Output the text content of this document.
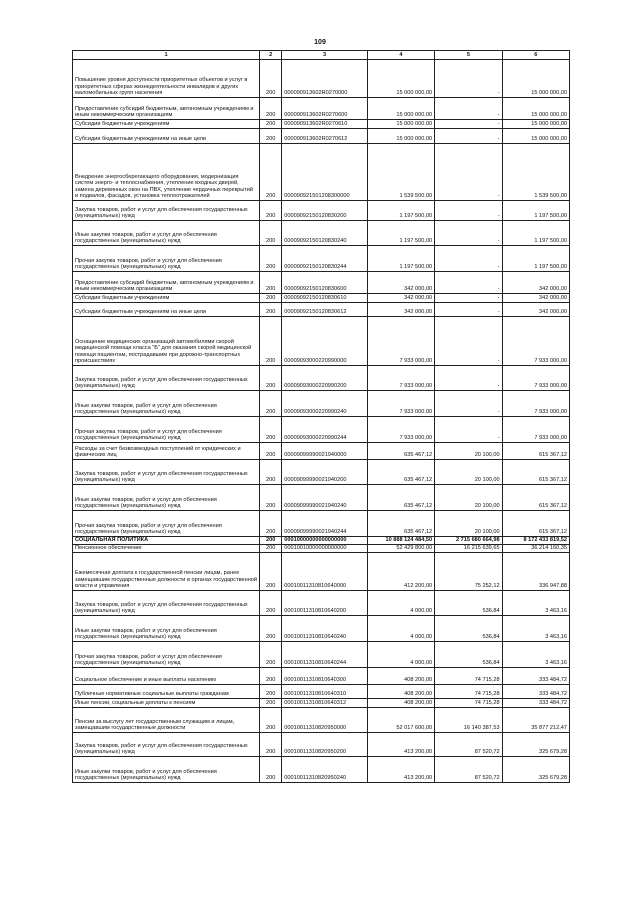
109
1	2	3	4	5	6
Повышение уровня доступности приоритетных объектов и услуг в приоритетных сферах жизнедеятельности инвалидов и других маломобильных групп населения	200	000090913602R0270000	15 000 000,00	-	15 000 000,00
Предоставление субсидий бюджетным, автономным учреждениям и иным некоммерческим организациям	200	000090913602R0270600	15 000 000,00	-	15 000 000,00
Субсидии бюджетным учреждениям	200	000090913602R0270610	15 000 000,00	-	15 000 000,00
Субсидии бюджетным учреждениям на иные цели	200	000090913602R0270612	15 000 000,00	-	15 000 000,00
Внедрение энергосберегающего оборудования, модернизация систем энерго- и теплоснабжения, утепление входных дверей, замена деревянных окон на ПВХ, утепление чердачных перекрытий и подвалов, фасадов, установка теплоотражателей	200	000090921501208300000	1 539 500,00	-	1 539 500,00
Закупка товаров, работ и услуг для обеспечения государственных (муниципальных) нужд	200	00009092150120830200	1 197 500,00	-	1 197 500,00
Иные закупки товаров, работ и услуг для обеспечения государственных (муниципальных) нужд	200	00009092150120830240	1 197 500,00	-	1 197 500,00
Прочая закупка товаров, работ и услуг для обеспечения государственных (муниципальных) нужд	200	00009092150120830244	1 197 500,00	-	1 197 500,00
Предоставление субсидий бюджетным, автономным учреждениям и иным некоммерческим организациям	200	00009092150120830600	342 000,00	-	342 000,00
Субсидии бюджетным учреждениям	200	00009092150120830610	342 000,00	-	342 000,00
Субсидии бюджетным учреждениям на иные цели	200	00009092150120830612	342 000,00	-	342 000,00
Оснащение медицинских организаций автомобилями скорой медицинской помощи класса "Б" для оказания скорой медицинской помощи пациентам, пострадавшим при дорожно-транспортных происшествиях	200	00009093000220990000	7 933 000,00	-	7 933 000,00
Закупка товаров, работ и услуг для обеспечения государственных (муниципальных) нужд	200	00009093000220990200	7 933 000,00	-	7 933 000,00
Иные закупки товаров, работ и услуг для обеспечения государственных (муниципальных) нужд	200	00009093000220990240	7 933 000,00	-	7 933 000,00
Прочая закупка товаров, работ и услуг для обеспечения государственных (муниципальных) нужд	200	00009093000220990244	7 933 000,00	-	7 933 000,00
Расходы за счет безвозмездных поступлений от юридических и физических лиц	200	00009099990021940000	635 467,12	20 100,00	615 367,12
Закупка товаров, работ и услуг для обеспечения государственных (муниципальных) нужд	200	00009099990021940200	635 467,12	20 100,00	615 367,12
Иные закупки товаров, работ и услуг для обеспечения государственных (муниципальных) нужд	200	00009099990021940240	635 467,12	20 100,00	615 367,12
Прочая закупка товаров, работ и услуг для обеспечения государственных (муниципальных) нужд	200	00009099990021940244	635 467,12	20 100,00	615 367,12
СОЦИАЛЬНАЯ ПОЛИТИКА	200	00010000000000000000	10 888 124 484,50	2 715 680 664,98	8 172 433 819,52
Пенсионное обеспечение	200	00010010000000000000	52 429 800,00	16 215 639,65	36 214 160,35
Ежемесячная доплата к государственной пенсии лицам, ранее замещавшим государственные должности в органах государственной власти и управления	200	00010011310810640000	412 200,00	75 252,12	336 947,88
Закупка товаров, работ и услуг для обеспечения государственных (муниципальных) нужд	200	00010011310810640200	4 000,00	536,84	3 463,16
Иные закупки товаров, работ и услуг для обеспечения государственных (муниципальных) нужд	200	00010011310810640240	4 000,00	536,84	3 463,16
Прочая закупка товаров, работ и услуг для обеспечения государственных (муниципальных) нужд	200	00010011310810640244	4 000,00	536,84	3 463,16
Социальное обеспечение и иные выплаты населению	200	00010011310810640300	408 200,00	74 715,28	333 484,72
Публичные нормативные социальные выплаты гражданам	200	00010011310810640310	408 200,00	74 715,28	333 484,72
Иные пенсии, социальные доплаты к пенсиям	200	00010011310810640312	408 200,00	74 715,28	333 484,72
Пенсии за выслугу лет государственным служащим и лицам, замещавшим государственные должности	200	00010011310820950000	52 017 600,00	16 140 387,53	35 877 212,47
Закупка товаров, работ и услуг для обеспечения государственных (муниципальных) нужд	200	00010011310820950200	413 200,00	87 520,72	325 679,28
Иные закупки товаров, работ и услуг для обеспечения государственных (муниципальных) нужд	200	00010011310820950240	413 200,00	87 520,72	325 679,28
